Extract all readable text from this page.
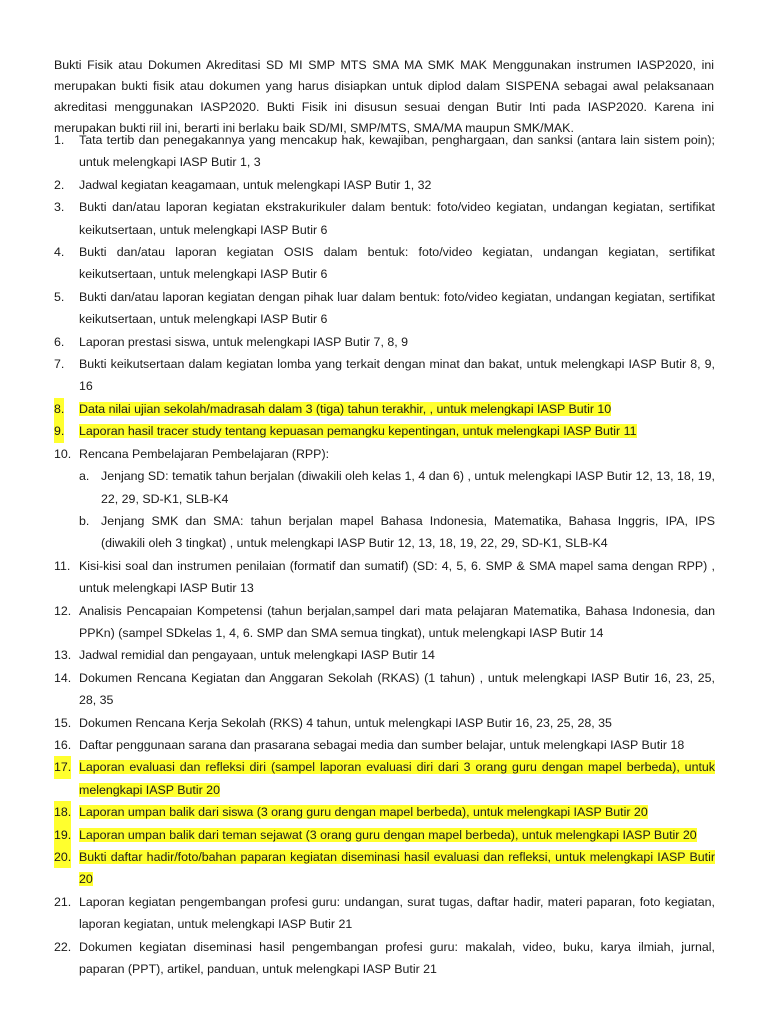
Bukti Fisik atau Dokumen Akreditasi SD MI SMP MTS SMA MA SMK MAK Menggunakan instrumen IASP2020, ini merupakan bukti fisik atau dokumen yang harus disiapkan untuk diplod dalam SISPENA sebagai awal pelaksanaan akreditasi menggunakan IASP2020. Bukti Fisik ini disusun sesuai dengan Butir Inti pada IASP2020. Karena ini merupakan bukti riil ini, berarti ini berlaku baik SD/MI, SMP/MTS, SMA/MA maupun SMK/MAK.

1. Tata tertib dan penegakannya yang mencakup hak, kewajiban, penghargaan, dan sanksi (antara lain sistem poin); untuk melengkapi IASP Butir 1, 3
2. Jadwal kegiatan keagamaan, untuk melengkapi IASP Butir 1, 32
3. Bukti dan/atau laporan kegiatan ekstrakurikuler dalam bentuk: foto/video kegiatan, undangan kegiatan, sertifikat keikutsertaan, untuk melengkapi IASP Butir 6
4. Bukti dan/atau laporan kegiatan OSIS dalam bentuk: foto/video kegiatan, undangan kegiatan, sertifikat keikutsertaan, untuk melengkapi IASP Butir 6
5. Bukti dan/atau laporan kegiatan dengan pihak luar dalam bentuk: foto/video kegiatan, undangan kegiatan, sertifikat keikutsertaan, untuk melengkapi IASP Butir 6
6. Laporan prestasi siswa, untuk melengkapi IASP Butir 7, 8, 9
7. Bukti keikutsertaan dalam kegiatan lomba yang terkait dengan minat dan bakat, untuk melengkapi IASP Butir 8, 9, 16
8. Data nilai ujian sekolah/madrasah dalam 3 (tiga) tahun terakhir, , untuk melengkapi IASP Butir 10
9. Laporan hasil tracer study tentang kepuasan pemangku kepentingan, untuk melengkapi IASP Butir 11
10. Rencana Pembelajaran Pembelajaran (RPP):
a. Jenjang SD: tematik tahun berjalan (diwakili oleh kelas 1, 4 dan 6) , untuk melengkapi IASP Butir 12, 13, 18, 19, 22, 29, SD-K1, SLB-K4
b. Jenjang SMK dan SMA: tahun berjalan mapel Bahasa Indonesia, Matematika, Bahasa Inggris, IPA, IPS (diwakili oleh 3 tingkat) , untuk melengkapi IASP Butir 12, 13, 18, 19, 22, 29, SD-K1, SLB-K4
11. Kisi-kisi soal dan instrumen penilaian (formatif dan sumatif) (SD: 4, 5, 6. SMP & SMA mapel sama dengan RPP) , untuk melengkapi IASP Butir 13
12. Analisis Pencapaian Kompetensi (tahun berjalan,sampel dari mata pelajaran Matematika, Bahasa Indonesia, dan PPKn) (sampel SDkelas 1, 4, 6. SMP dan SMA semua tingkat), untuk melengkapi IASP Butir 14
13. Jadwal remidial dan pengayaan, untuk melengkapi IASP Butir 14
14. Dokumen Rencana Kegiatan dan Anggaran Sekolah (RKAS) (1 tahun) , untuk melengkapi IASP Butir 16, 23, 25, 28, 35
15. Dokumen Rencana Kerja Sekolah (RKS) 4 tahun, untuk melengkapi IASP Butir 16, 23, 25, 28, 35
16. Daftar penggunaan sarana dan prasarana sebagai media dan sumber belajar, untuk melengkapi IASP Butir 18
17. Laporan evaluasi dan refleksi diri (sampel laporan evaluasi diri dari 3 orang guru dengan mapel berbeda), untuk melengkapi IASP Butir 20
18. Laporan umpan balik dari siswa (3 orang guru dengan mapel berbeda), untuk melengkapi IASP Butir 20
19. Laporan umpan balik dari teman sejawat (3 orang guru dengan mapel berbeda), untuk melengkapi IASP Butir 20
20. Bukti daftar hadir/foto/bahan paparan kegiatan diseminasi hasil evaluasi dan refleksi, untuk melengkapi IASP Butir 20
21. Laporan kegiatan pengembangan profesi guru: undangan, surat tugas, daftar hadir, materi paparan, foto kegiatan, laporan kegiatan, untuk melengkapi IASP Butir 21
22. Dokumen kegiatan diseminasi hasil pengembangan profesi guru: makalah, video, buku, karya ilmiah, jurnal, paparan (PPT), artikel, panduan, untuk melengkapi IASP Butir 21
